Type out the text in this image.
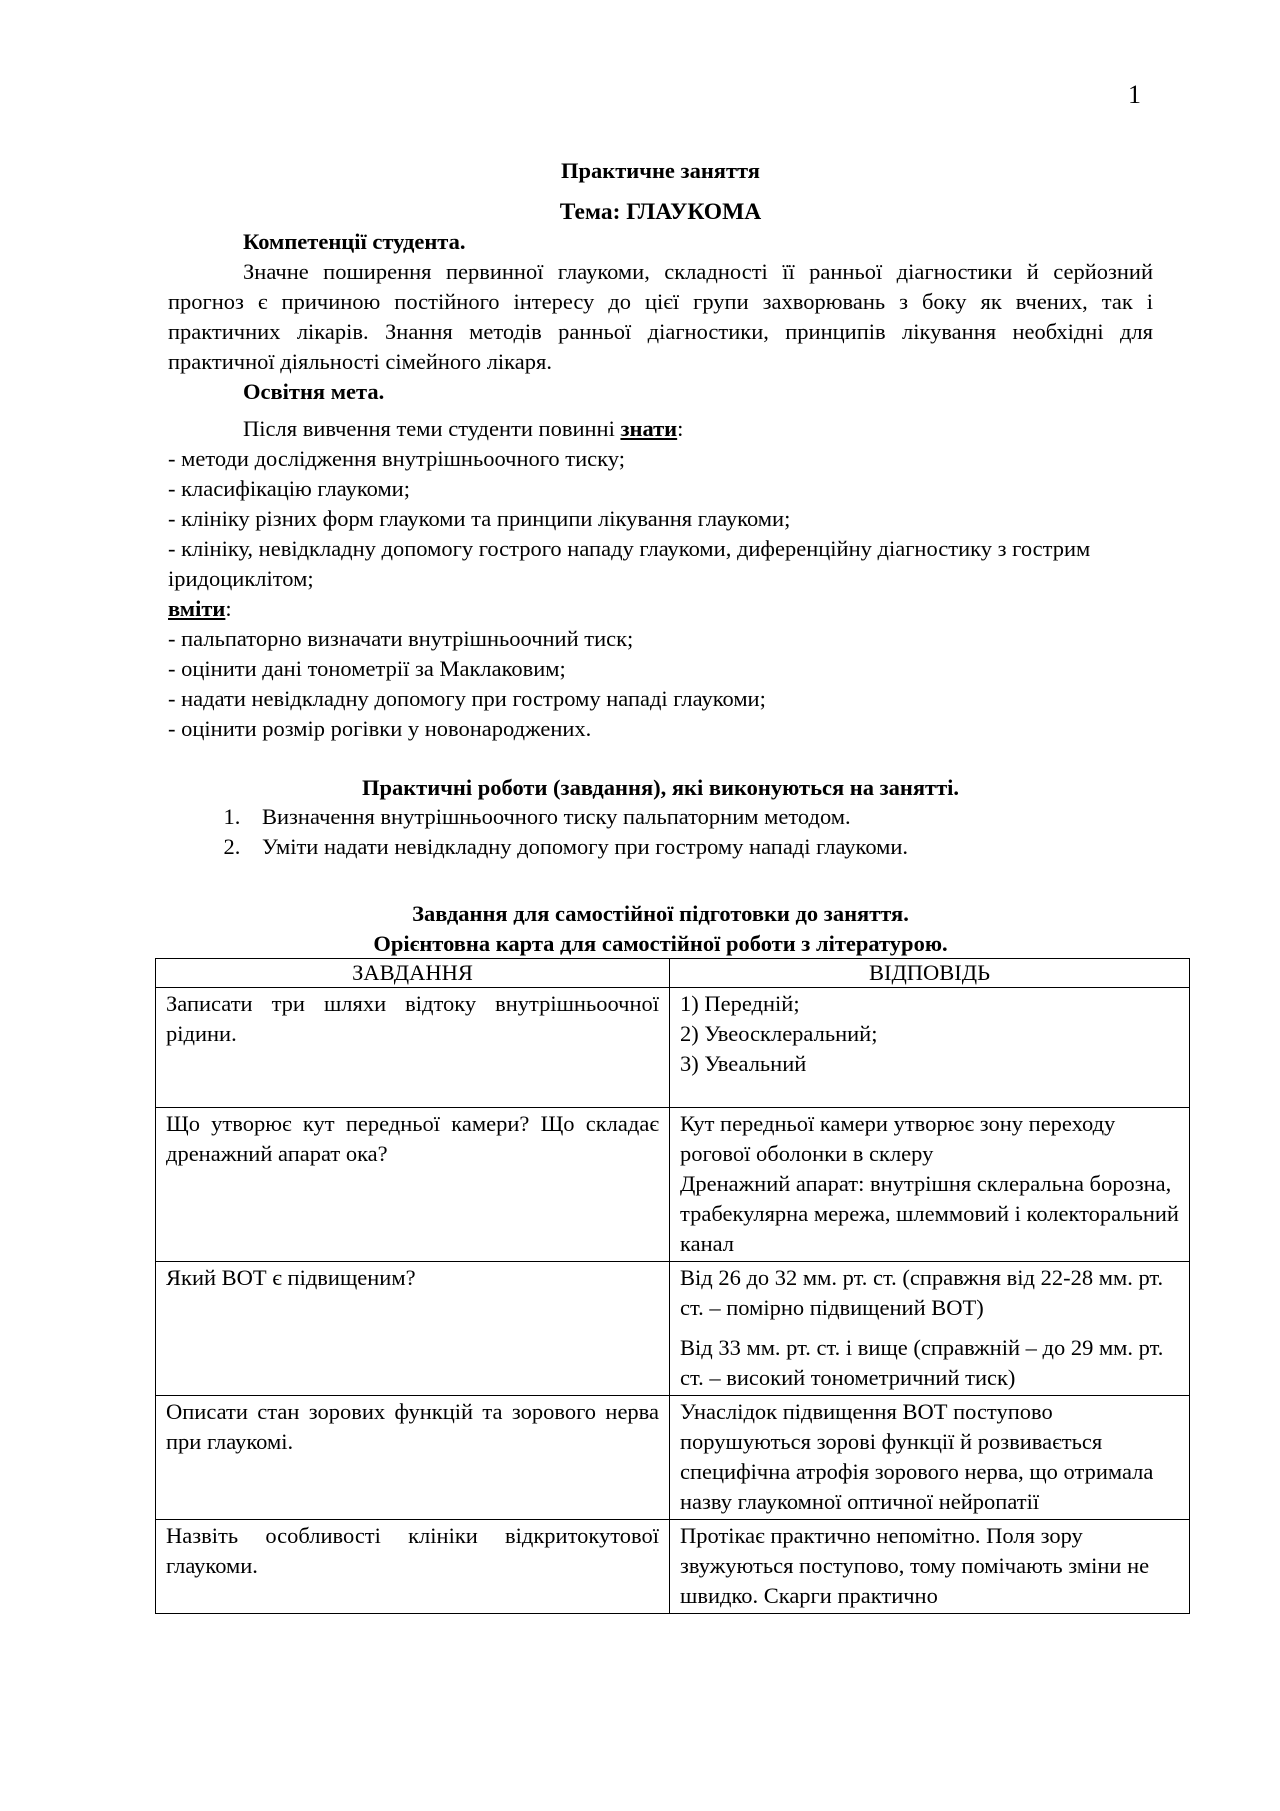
1
Практичне заняття
Тема: ГЛАУКОМА

Компетенції студента.

Значне поширення первинної глаукоми, складності її ранньої діагностики й серйозний прогноз є причиною постійного інтересу до цієї групи захворювань з боку як вчених, так і практичних лікарів. Знання методів ранньої діагностики, принципів лікування необхідні для практичної діяльності сімейного лікаря.

Освітня мета.

Після вивчення теми студенти повинні знати:

- методи дослідження внутрішньоочного тиску;

- класифікацію глаукоми;

- клініку різних форм глаукоми та принципи лікування глаукоми;

- клініку, невідкладну допомогу гострого нападу глаукоми, диференційну діагностику з гострим іридоциклітом;

вміти:

- пальпаторно визначати внутрішньоочний тиск;

- оцінити дані тонометрії за Маклаковим;

- надати невідкладну допомогу при гострому нападі глаукоми;

- оцінити розмір рогівки у новонароджених.

Практичні роботи (завдання), які виконуються на занятті.
1. Визначення внутрішньоочного тиску пальпаторним методом.
2. Уміти надати невідкладну допомогу при гострому нападі глаукоми.
Завдання для самостійної підготовки до заняття.
Орієнтовна карта для самостійної роботи з літературою.
ЗАВДАННЯ	ВІДПОВІДЬ
Записати три шляхи відтоку внутрішньоочної рідини.	1) Передній;
2) Увеосклеральний;
3) Увеальний

Що утворює кут передньої камери? Що складає дренажний апарат ока?	Кут передньої камери утворює зону переходу рогової оболонки в склеру
Дренажний апарат: внутрішня склеральна борозна, трабекулярна мережа, шлеммовий і колекторальний канал

Який ВОТ є підвищеним?	Від 26 до 32 мм. рт. ст. (справжня від 22-28 мм. рт. ст. – помірно підвищений ВОТ)
Від 33 мм. рт. ст. і вище (справжній – до 29 мм. рт. ст. – високий тонометричний тиск)

Описати стан зорових функцій та зорового нерва при глаукомі.	Унаслідок підвищення ВОТ поступово порушуються зорові функції й розвивається специфічна атрофія зорового нерва, що отримала назву глаукомної оптичної нейропатії

Назвіть особливості клініки відкритокутової глаукоми.	Протікає практично непомітно. Поля зору звужуються поступово, тому помічають зміни не швидко. Скарги практично
